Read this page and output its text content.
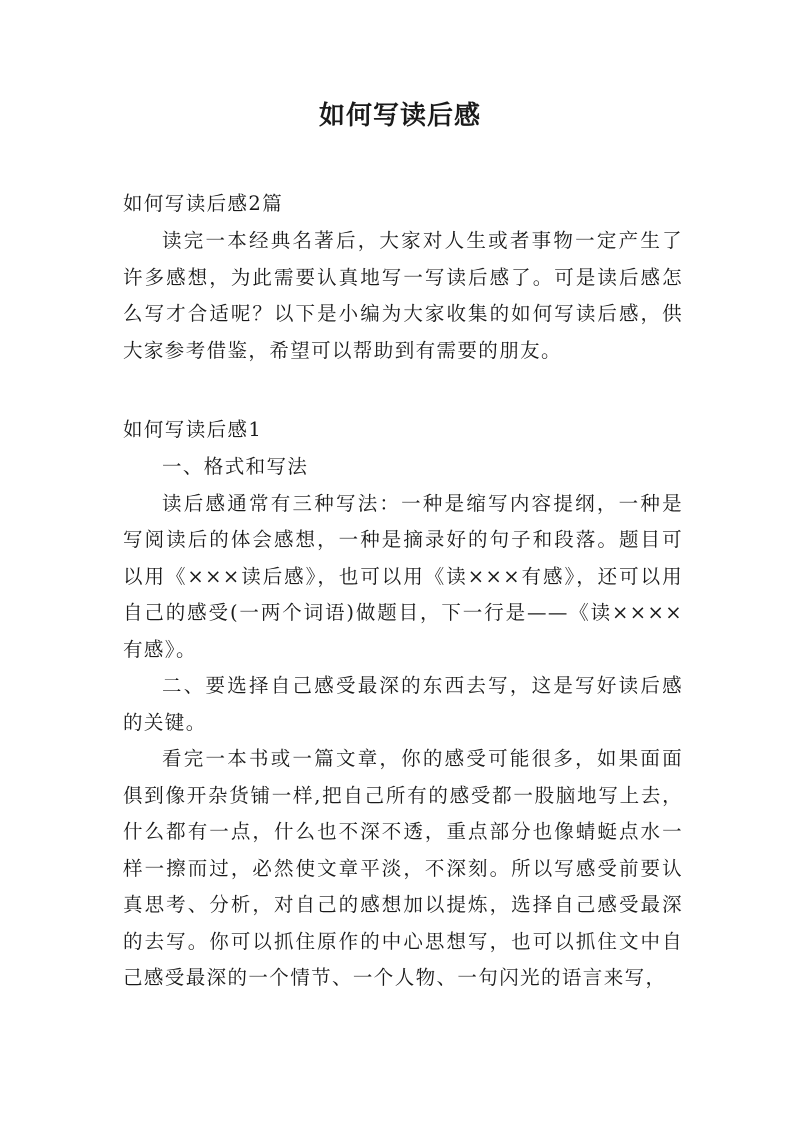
如何写读后感
如何写读后感2篇
读完一本经典名著后，大家对人生或者事物一定产生了许多感想，为此需要认真地写一写读后感了。可是读后感怎么写才合适呢？以下是小编为大家收集的如何写读后感，供大家参考借鉴，希望可以帮助到有需要的朋友。
如何写读后感1

一、格式和写法

读后感通常有三种写法：一种是缩写内容提纲，一种是写阅读后的体会感想，一种是摘录好的句子和段落。题目可以用《×××读后感》，也可以用《读×××有感》，还可以用自己的感受(一两个词语)做题目，下一行是——《读××××有感》。

二、要选择自己感受最深的东西去写，这是写好读后感的关键。

看完一本书或一篇文章，你的感受可能很多，如果面面俱到像开杂货铺一样,把自己所有的感受都一股脑地写上去，什么都有一点，什么也不深不透，重点部分也像蜻蜓点水一样一擦而过，必然使文章平淡，不深刻。所以写感受前要认真思考、分析，对自己的感想加以提炼，选择自己感受最深的去写。你可以抓住原作的中心思想写，也可以抓住文中自己感受最深的一个情节、一个人物、一句闪光的语言来写，
